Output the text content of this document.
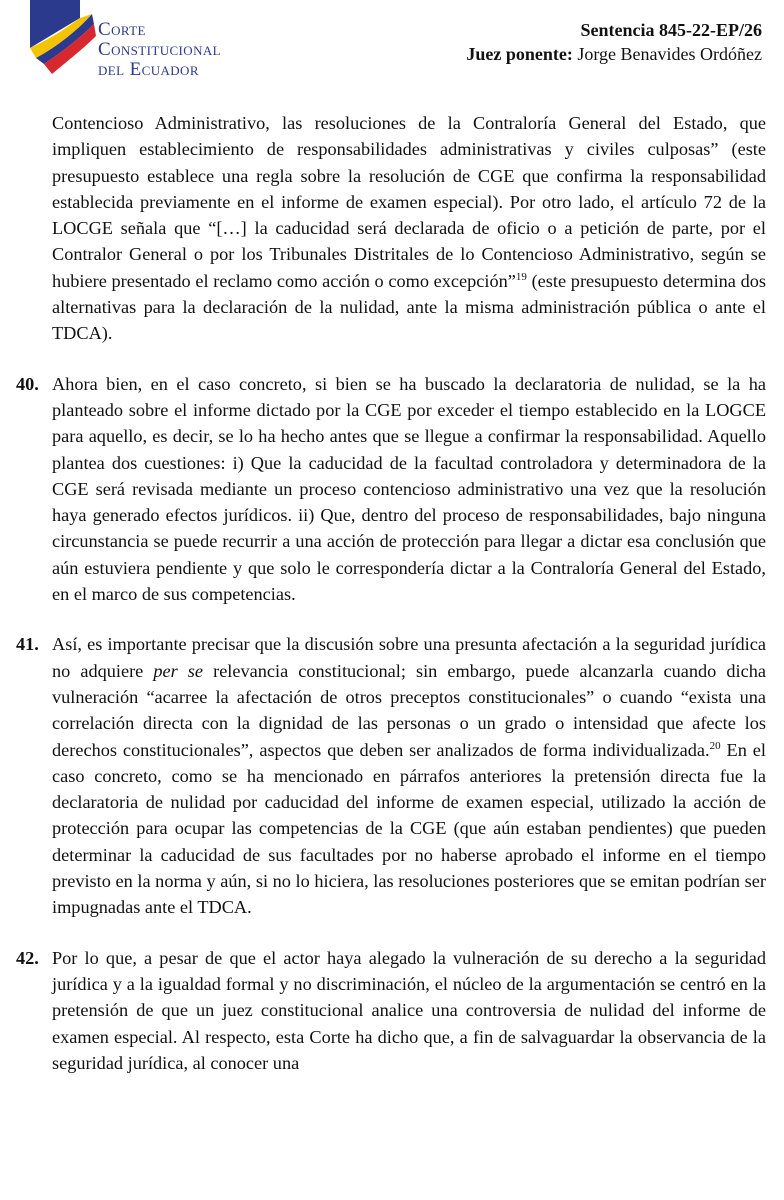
Corte
Constitucional
del Ecuador
Sentencia 845-22-EP/26
Juez ponente: Jorge Benavides Ordóñez
Contencioso Administrativo, las resoluciones de la Contraloría General del Estado, que impliquen establecimiento de responsabilidades administrativas y civiles culposas” (este presupuesto establece una regla sobre la resolución de CGE que confirma la responsabilidad establecida previamente en el informe de examen especial). Por otro lado, el artículo 72 de la LOCGE señala que “[…] la caducidad será declarada de oficio o a petición de parte, por el Contralor General o por los Tribunales Distritales de lo Contencioso Administrativo, según se hubiere presentado el reclamo como acción o como excepción”$^{19}$ (este presupuesto determina dos alternativas para la declaración de la nulidad, ante la misma administración pública o ante el TDCA).
40. Ahora bien, en el caso concreto, si bien se ha buscado la declaratoria de nulidad, se la ha planteado sobre el informe dictado por la CGE por exceder el tiempo establecido en la LOGCE para aquello, es decir, se lo ha hecho antes que se llegue a confirmar la responsabilidad. Aquello plantea dos cuestiones: i) Que la caducidad de la facultad controladora y determinadora de la CGE será revisada mediante un proceso contencioso administrativo una vez que la resolución haya generado efectos jurídicos. ii) Que, dentro del proceso de responsabilidades, bajo ninguna circunstancia se puede recurrir a una acción de protección para llegar a dictar esa conclusión que aún estuviera pendiente y que solo le correspondería dictar a la Contraloría General del Estado, en el marco de sus competencias.

41. Así, es importante precisar que la discusión sobre una presunta afectación a la seguridad jurídica no adquiere per se relevancia constitucional; sin embargo, puede alcanzarla cuando dicha vulneración “acarree la afectación de otros preceptos constitucionales” o cuando “exista una correlación directa con la dignidad de las personas o un grado o intensidad que afecte los derechos constitucionales”, aspectos que deben ser analizados de forma individualizada.$^{20}$ En el caso concreto, como se ha mencionado en párrafos anteriores la pretensión directa fue la declaratoria de nulidad por caducidad del informe de examen especial, utilizado la acción de protección para ocupar las competencias de la CGE (que aún estaban pendientes) que pueden determinar la caducidad de sus facultades por no haberse aprobado el informe en el tiempo previsto en la norma y aún, si no lo hiciera, las resoluciones posteriores que se emitan podrían ser impugnadas ante el TDCA.

42. Por lo que, a pesar de que el actor haya alegado la vulneración de su derecho a la seguridad jurídica y a la igualdad formal y no discriminación, el núcleo de la argumentación se centró en la pretensión de que un juez constitucional analice una controversia de nulidad del informe de examen especial. Al respecto, esta Corte ha dicho que, a fin de salvaguardar la observancia de la seguridad jurídica, al conocer una
